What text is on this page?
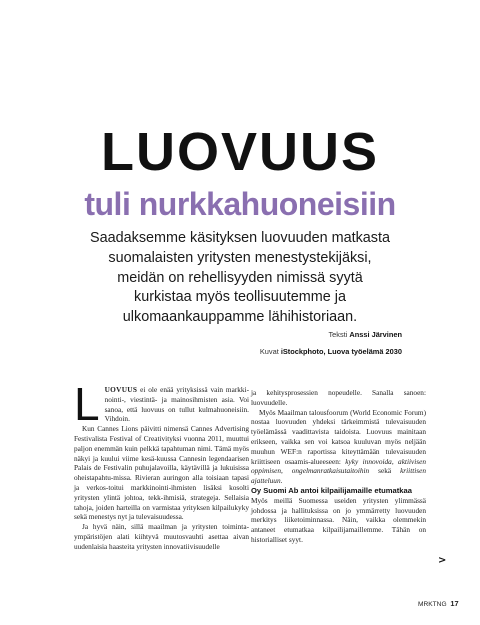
LUOVUUS
tuli nurkkahuoneisiin
Saadaksemme käsityksen luovuuden matkasta
suomalaisten yritysten menestystekijäksi,
meidän on rehellisyyden nimissä syytä
kurkistaa myös teollisuutemme ja
ulkomaankauppamme lähihistoriaan.
Teksti Anssi Järvinen
Kuvat iStockphoto, Luova työelämä 2030

L UOVUUS ei ole enää yrityksissä vain markki-nointi-, viestintä- ja mainosihmisten asia. Voi sanoa, että luovuus on tullut kulmahuoneisiin. Vihdoin.

Kun Cannes Lions päivitti nimensä Cannes Advertising Festivalista Festival of Creativityksi vuonna 2011, muuttui paljon enemmän kuin pelkkä tapahtuman nimi. Tämä myös näkyi ja kuului viime kesä-kuussa Cannesin legendaarisen Palais de Festivalin puhujalavoilla, käytävillä ja lukuisissa oheistapahtu-missa. Rivieran auringon alla toisiaan tapasi ja verkos-toitui markkinointi-ihmisten lisäksi kosolti yritysten ylintä johtoa, tekk-ihmisiä, strategeja. Sellaisia tahoja, joiden harteilla on varmistaa yrityksen kilpailukyky sekä menestys nyt ja tulevaisuudessa.

Ja hyvä näin, sillä maailman ja yritysten toiminta-ympäristöjen alati kiihtyvä muutosvauhti asettaa aivan uudenlaisia haasteita yritysten innovatiivisuudelle

ja kehitysprosessien nopeudelle. Sanalla sanoen: luovuudelle.

Myös Maailman talousfoorum (World Economic Forum) nostaa luovuuden yhdeksi tärkeimmistä tulevaisuuden työelämässä vaadittavista taidoista. Luovuus mainitaan erikseen, vaikka sen voi katsoa kuuluvan myös neljään muuhun WEF:n raportissa kiteyttämään tulevaisuuden kriittiseen osaamis-alueeseen: kyky innovoida, aktiivisen oppimisen, ongelmanratkaisutaitoihin sekä kriittisen ajatteluun.

Oy Suomi Ab antoi kilpailijamaille etumatkaa

Myös meillä Suomessa useiden yritysten ylimmässä johdossa ja hallituksissa on jo ymmärretty luovuuden merkitys liiketoiminnassa. Näin, vaikka olemmekin antaneet etumatkaa kilpailijamaillemme. Tähän on historialliset syyt.

>
MRKTNG 17
